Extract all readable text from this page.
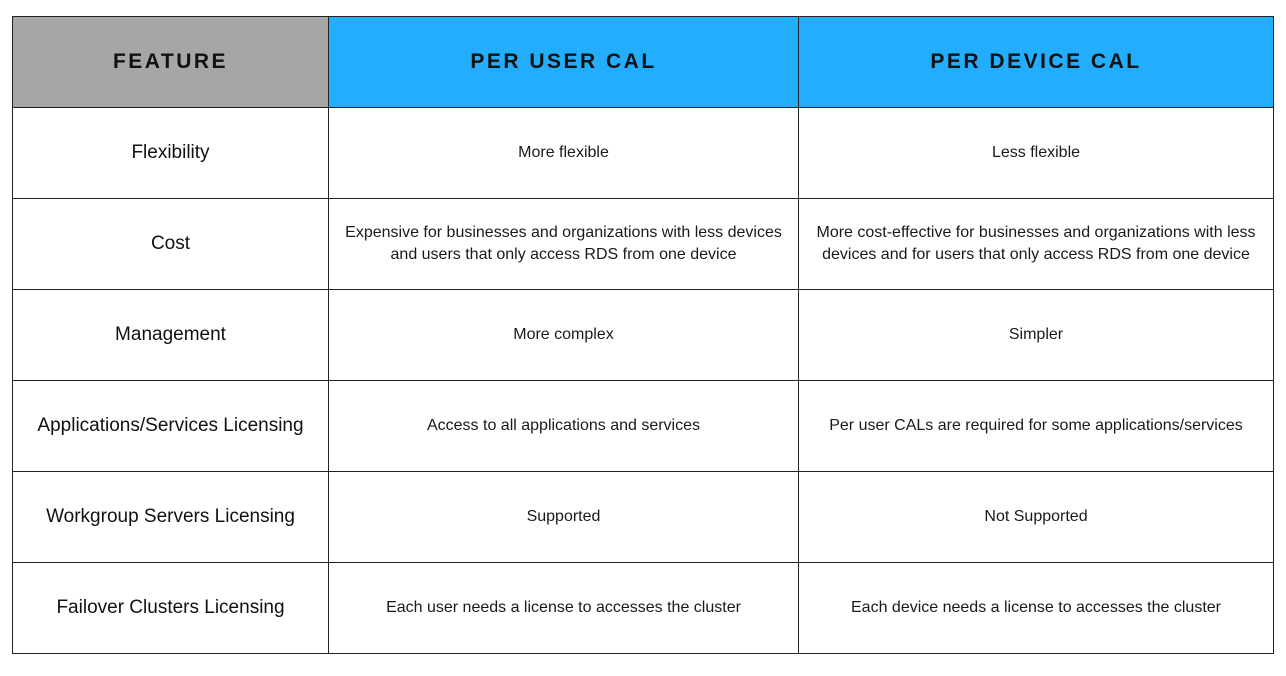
FEATURE	PER USER CAL	PER DEVICE CAL
Flexibility	More flexible	Less flexible
Cost	Expensive for businesses and organizations with less devices and users that only access RDS from one device	More cost-effective for businesses and organizations with less devices and for users that only access RDS from one device
Management	More complex	Simpler
Applications/Services Licensing	Access to all applications and services	Per user CALs are required for some applications/services
Workgroup Servers Licensing	Supported	Not Supported
Failover Clusters Licensing	Each user needs a license to accesses the cluster	Each device needs a license to accesses the cluster
